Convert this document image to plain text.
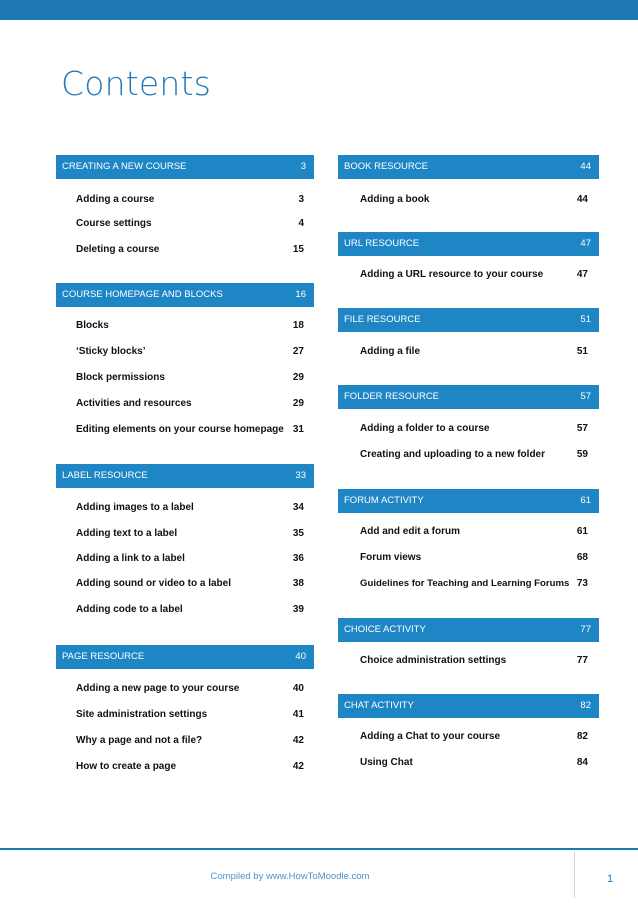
Contents
CREATING A NEW COURSE	3
Adding a course	3
Course settings	4
Deleting a course	15
COURSE HOMEPAGE AND BLOCKS	16
Blocks	18
‘Sticky blocks’	27
Block permissions	29
Activities and resources	29
Editing elements on your course homepage 31
LABEL RESOURCE	33
Adding images to a label	34
Adding text to a label	35
Adding a link to a label	36
Adding sound or video to a label	38
Adding code to a label	39
PAGE RESOURCE	40
Adding a new page to your course	40
Site administration settings	41
Why a page and not a file?	42
How to create a page	42
BOOK RESOURCE	44
Adding a book	44
URL RESOURCE	47
Adding a URL resource to your course	47
FILE RESOURCE	51
Adding a file	51
FOLDER RESOURCE	57
Adding a folder to a course	57
Creating and uploading to a new folder	59
FORUM ACTIVITY	61
Add and edit a forum	61
Forum views	68
Guidelines for Teaching and Learning Forums 73
CHOICE ACTIVITY	77
Choice administration settings	77
CHAT ACTIVITY	82
Adding a Chat to your course	82
Using Chat	84
Compiled by www.HowToMoodle.com	1
